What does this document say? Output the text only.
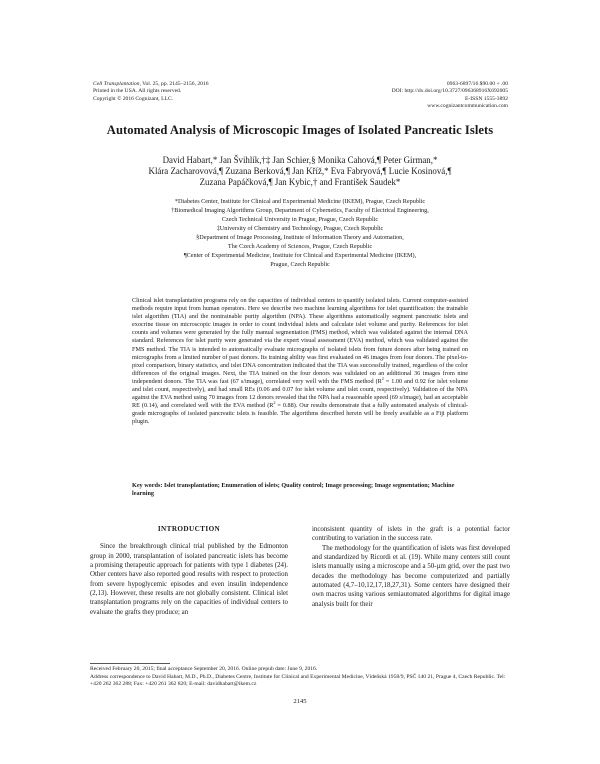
Cell Transplantation, Vol. 25, pp. 2145–2156, 2016
Printed in the USA. All rights reserved.
Copyright © 2016 Cognizant, LLC.
0963-6897/16 $90.00 + .00
DOI: http://dx.doi.org/10.3727/096368916X692005
E-ISSN 1555-3892
www.cognizantcommunication.com
Automated Analysis of Microscopic Images of Isolated Pancreatic Islets
David Habart,* Jan Švihlík,†‡ Jan Schier,§ Monika Cahová,¶ Peter Girman,*
Klára Zacharovová,¶ Zuzana Berková,¶ Jan Kříž,* Eva Fabryová,¶ Lucie Kosinová,¶
Zuzana Papáčková,¶ Jan Kybic,† and František Saudek*
*Diabetes Center, Institute for Clinical and Experimental Medicine (IKEM), Prague, Czech Republic
†Biomedical Imaging Algorithms Group, Department of Cybernetics, Faculty of Electrical Engineering,
Czech Technical University in Prague, Prague, Czech Republic
‡University of Chemistry and Technology, Prague, Czech Republic
§Department of Image Processing, Institute of Information Theory and Automation,
The Czech Academy of Sciences, Prague, Czech Republic
¶Center of Experimental Medicine, Institute for Clinical and Experimental Medicine (IKEM),
Prague, Czech Republic
Clinical islet transplantation programs rely on the capacities of individual centers to quantify isolated islets. Current computer-assisted methods require input from human operators. Here we describe two machine learning algorithms for islet quantification: the trainable islet algorithm (TIA) and the nontrainable purity algorithm (NPA). These algorithms automatically segment pancreatic islets and exocrine tissue on microscopic images in order to count individual islets and calculate islet volume and purity. References for islet counts and volumes were generated by the fully manual segmentation (FMS) method, which was validated against the internal DNA standard. References for islet purity were generated via the expert visual assessment (EVA) method, which was validated against the FMS method. The TIA is intended to automatically evaluate micrographs of isolated islets from future donors after being trained on micrographs from a limited number of past donors. Its training ability was first evaluated on 46 images from four donors. The pixel-to-pixel comparison, binary statistics, and islet DNA concentration indicated that the TIA was successfully trained, regardless of the color differences of the original images. Next, the TIA trained on the four donors was validated on an additional 36 images from nine independent donors. The TIA was fast (67 s/image), correlated very well with the FMS method ($R^2 = 1.00$ and 0.92 for islet volume and islet count, respectively), and had small REs (0.06 and 0.07 for islet volume and islet count, respectively). Validation of the NPA against the EVA method using 70 images from 12 donors revealed that the NPA had a reasonable speed (69 s/image), had an acceptable RE (0.14), and correlated well with the EVA method $(R^2 = 0.88)$. Our results demonstrate that a fully automated analysis of clinical-grade micrographs of isolated pancreatic islets is feasible. The algorithms described herein will be freely available as a Fiji platform plugin.
Key words: Islet transplantation; Enumeration of islets; Quality control; Image processing; Image segmentation; Machine learning
INTRODUCTION
Since the breakthrough clinical trial published by the Edmonton group in 2000, transplantation of isolated pancreatic islets has become a promising therapeutic approach for patients with type 1 diabetes (24). Other centers have also reported good results with respect to protection from severe hypoglycemic episodes and even insulin independence (2,13). However, these results are not globally consistent. Clinical islet transplantation programs rely on the capacities of individual centers to evaluate the grafts they produce; an
inconsistent quantity of islets in the graft is a potential factor contributing to variation in the success rate.
The methodology for the quantification of islets was first developed and standardized by Ricordi et al. (19). While many centers still count islets manually using a microscope and a 50-µm grid, over the past two decades the methodology has become computerized and partially automated (4,7–10,12,17,18,27,31). Some centers have designed their own macros using various semiautomated algorithms for digital image analysis built for their
Received February 20, 2015; final acceptance September 20, 2016. Online prepub date: June 9, 2016.
Address correspondence to David Habart, M.D., Ph.D., Diabetes Centre, Institute for Clinical and Experimental Medicine, Vídeňská 1958/9, PSČ 140 21, Prague 4, Czech Republic. Tel: +420 262 362 288; Fax: +420 261 362 820; E-mail: davidhabart@ikem.cz
2145
